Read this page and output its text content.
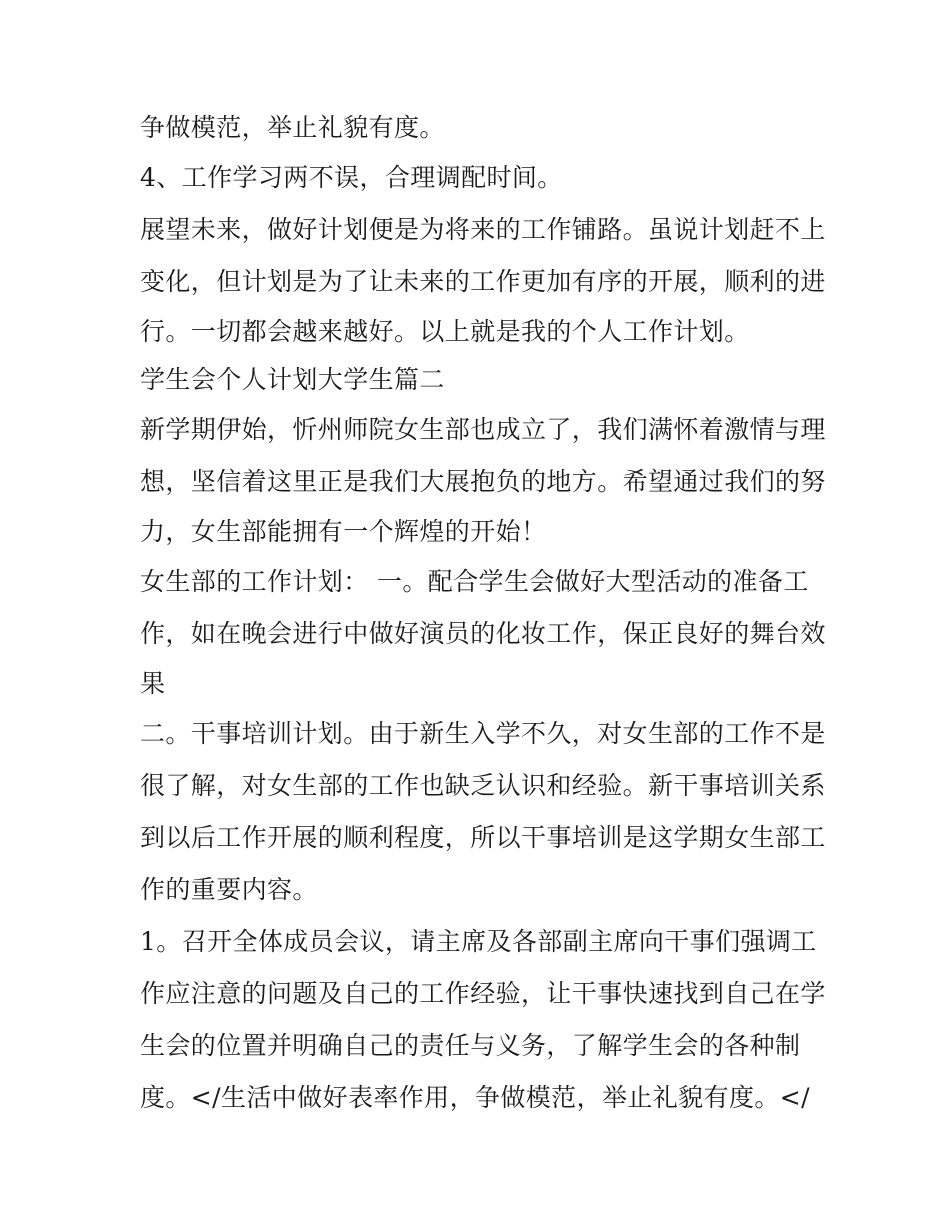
争做模范，举止礼貌有度。

4、工作学习两不误，合理调配时间。

展望未来，做好计划便是为将来的工作铺路。虽说计划赶不上

变化，但计划是为了让未来的工作更加有序的开展，顺利的进

行。一切都会越来越好。以上就是我的个人工作计划。

学生会个人计划大学生篇二

新学期伊始，忻州师院女生部也成立了，我们满怀着激情与理

想，坚信着这里正是我们大展抱负的地方。希望通过我们的努

力，女生部能拥有一个辉煌的开始！

女生部的工作计划： 一。配合学生会做好大型活动的准备工

作，如在晚会进行中做好演员的化妆工作，保正良好的舞台效

果

二。干事培训计划。由于新生入学不久，对女生部的工作不是

很了解，对女生部的工作也缺乏认识和经验。新干事培训关系

到以后工作开展的顺利程度，所以干事培训是这学期女生部工

作的重要内容。

1。召开全体成员会议，请主席及各部副主席向干事们强调工

作应注意的问题及自己的工作经验，让干事快速找到自己在学

生会的位置并明确自己的责任与义务，了解学生会的各种制

度。</生活中做好表率作用，争做模范，举止礼貌有度。</
